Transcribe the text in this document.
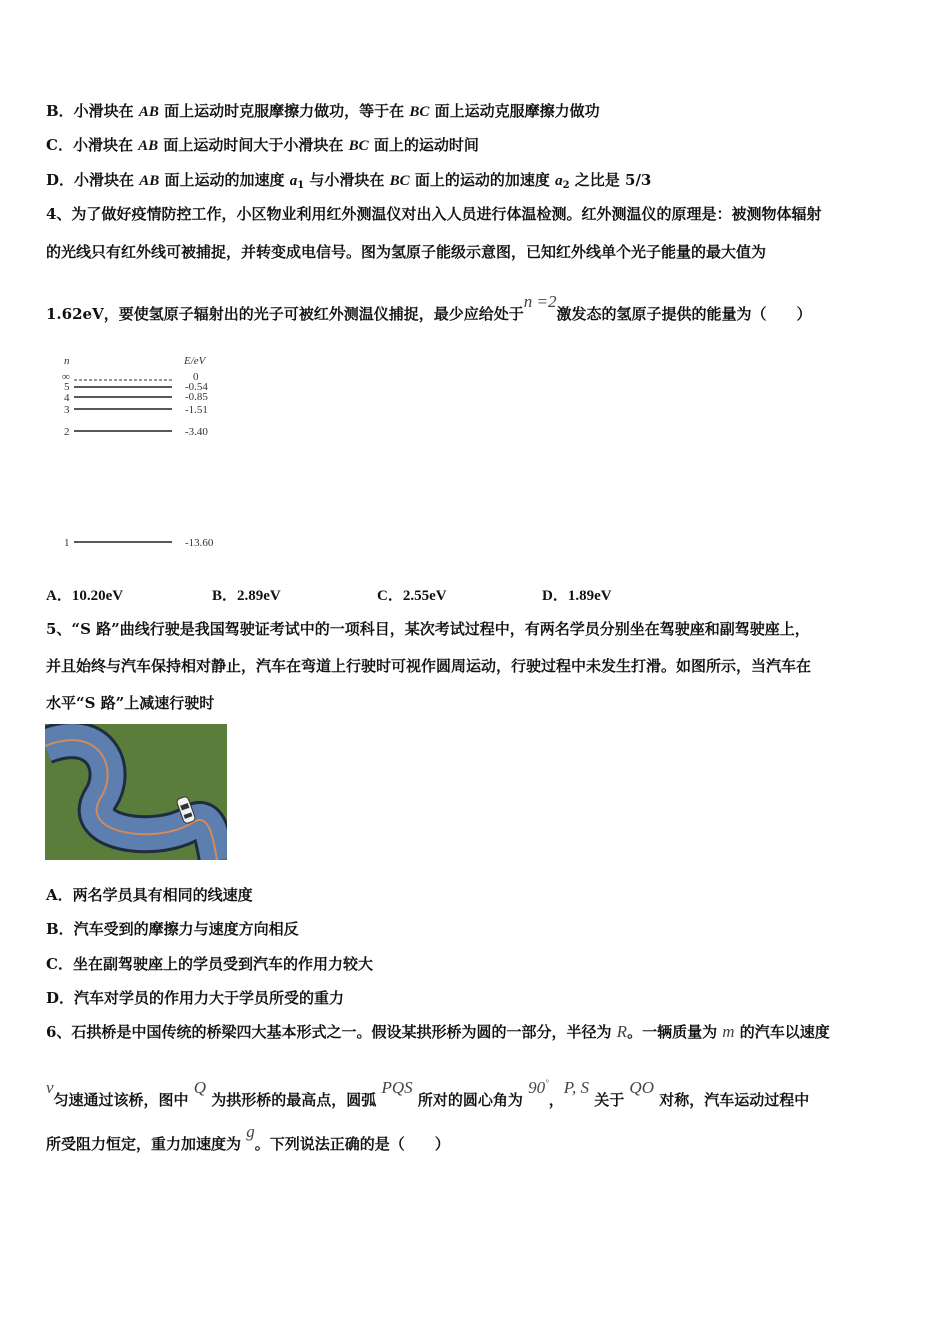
B．小滑块在 AB 面上运动时克服摩擦力做功，等于在 BC 面上运动克服摩擦力做功
C．小滑块在 AB 面上运动时间大于小滑块在 BC 面上的运动时间
D．小滑块在 AB 面上运动的加速度 $a_1$ 与小滑块在 BC 面上的运动的加速度 $a_2$ 之比是 5/3
4、为了做好疫情防控工作，小区物业利用红外测温仪对出入人员进行体温检测。红外测温仪的原理是：被测物体辐射
的光线只有红外线可被捕捉，并转变成电信号。图为氢原子能级示意图，已知红外线单个光子能量的最大值为
1.62eV，要使氢原子辐射出的光子可被红外测温仪捕捉，最少应给处于n =2激发态的氢原子提供的能量为（　　）
n	E/eV
∞	0
5	-0.54
4	-0.85
3	-1.51
2	-3.40
1	-13.60
A．10.20eV	B．2.89eV	C．2.55eV	D．1.89eV
5、“S 路”曲线行驶是我国驾驶证考试中的一项科目，某次考试过程中，有两名学员分别坐在驾驶座和副驾驶座上，
并且始终与汽车保持相对静止，汽车在弯道上行驶时可视作圆周运动，行驶过程中未发生打滑。如图所示，当汽车在
水平“S 路”上减速行驶时
A．两名学员具有相同的线速度
B．汽车受到的摩擦力与速度方向相反
C．坐在副驾驶座上的学员受到汽车的作用力较大
D．汽车对学员的作用力大于学员所受的重力
6、石拱桥是中国传统的桥梁四大基本形式之一。假设某拱形桥为圆的一部分，半径为 R。一辆质量为 m 的汽车以速度
v匀速通过该桥，图中 Q 为拱形桥的最高点，圆弧 PQS 所对的圆心角为 90°，P, S 关于 QO 对称，汽车运动过程中
所受阻力恒定，重力加速度为 g。下列说法正确的是（　　）
